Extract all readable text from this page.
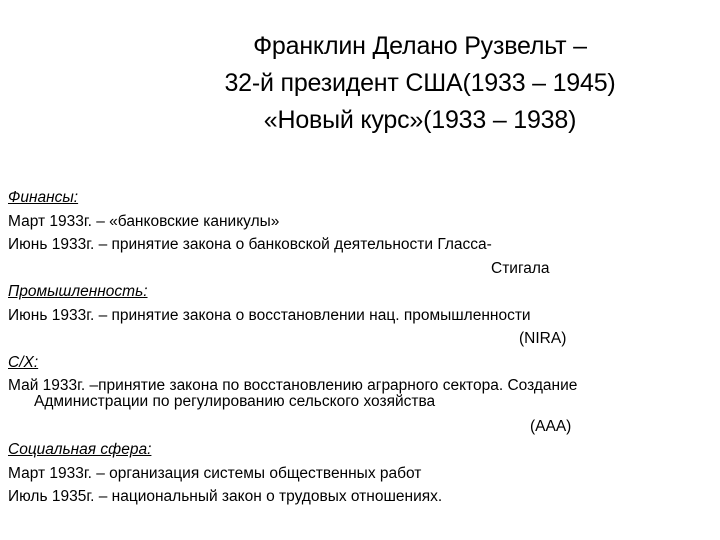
Франклин Делано Рузвельт –
32-й президент США(1933 – 1945)
«Новый курс»(1933 – 1938)
Финансы:
Март 1933г. – «банковские каникулы»
Июнь 1933г. – принятие закона о банковской деятельности Гласса-
Стигала
Промышленность:
Июнь 1933г. – принятие закона о восстановлении нац. промышленности
(NIRA)
С/Х:
Май 1933г. –принятие закона по восстановлению аграрного сектора. Создание
Администрации по регулированию сельского хозяйства
(AAA)
Социальная сфера:
Март 1933г. – организация системы общественных работ
Июль 1935г. – национальный закон о трудовых отношениях.
